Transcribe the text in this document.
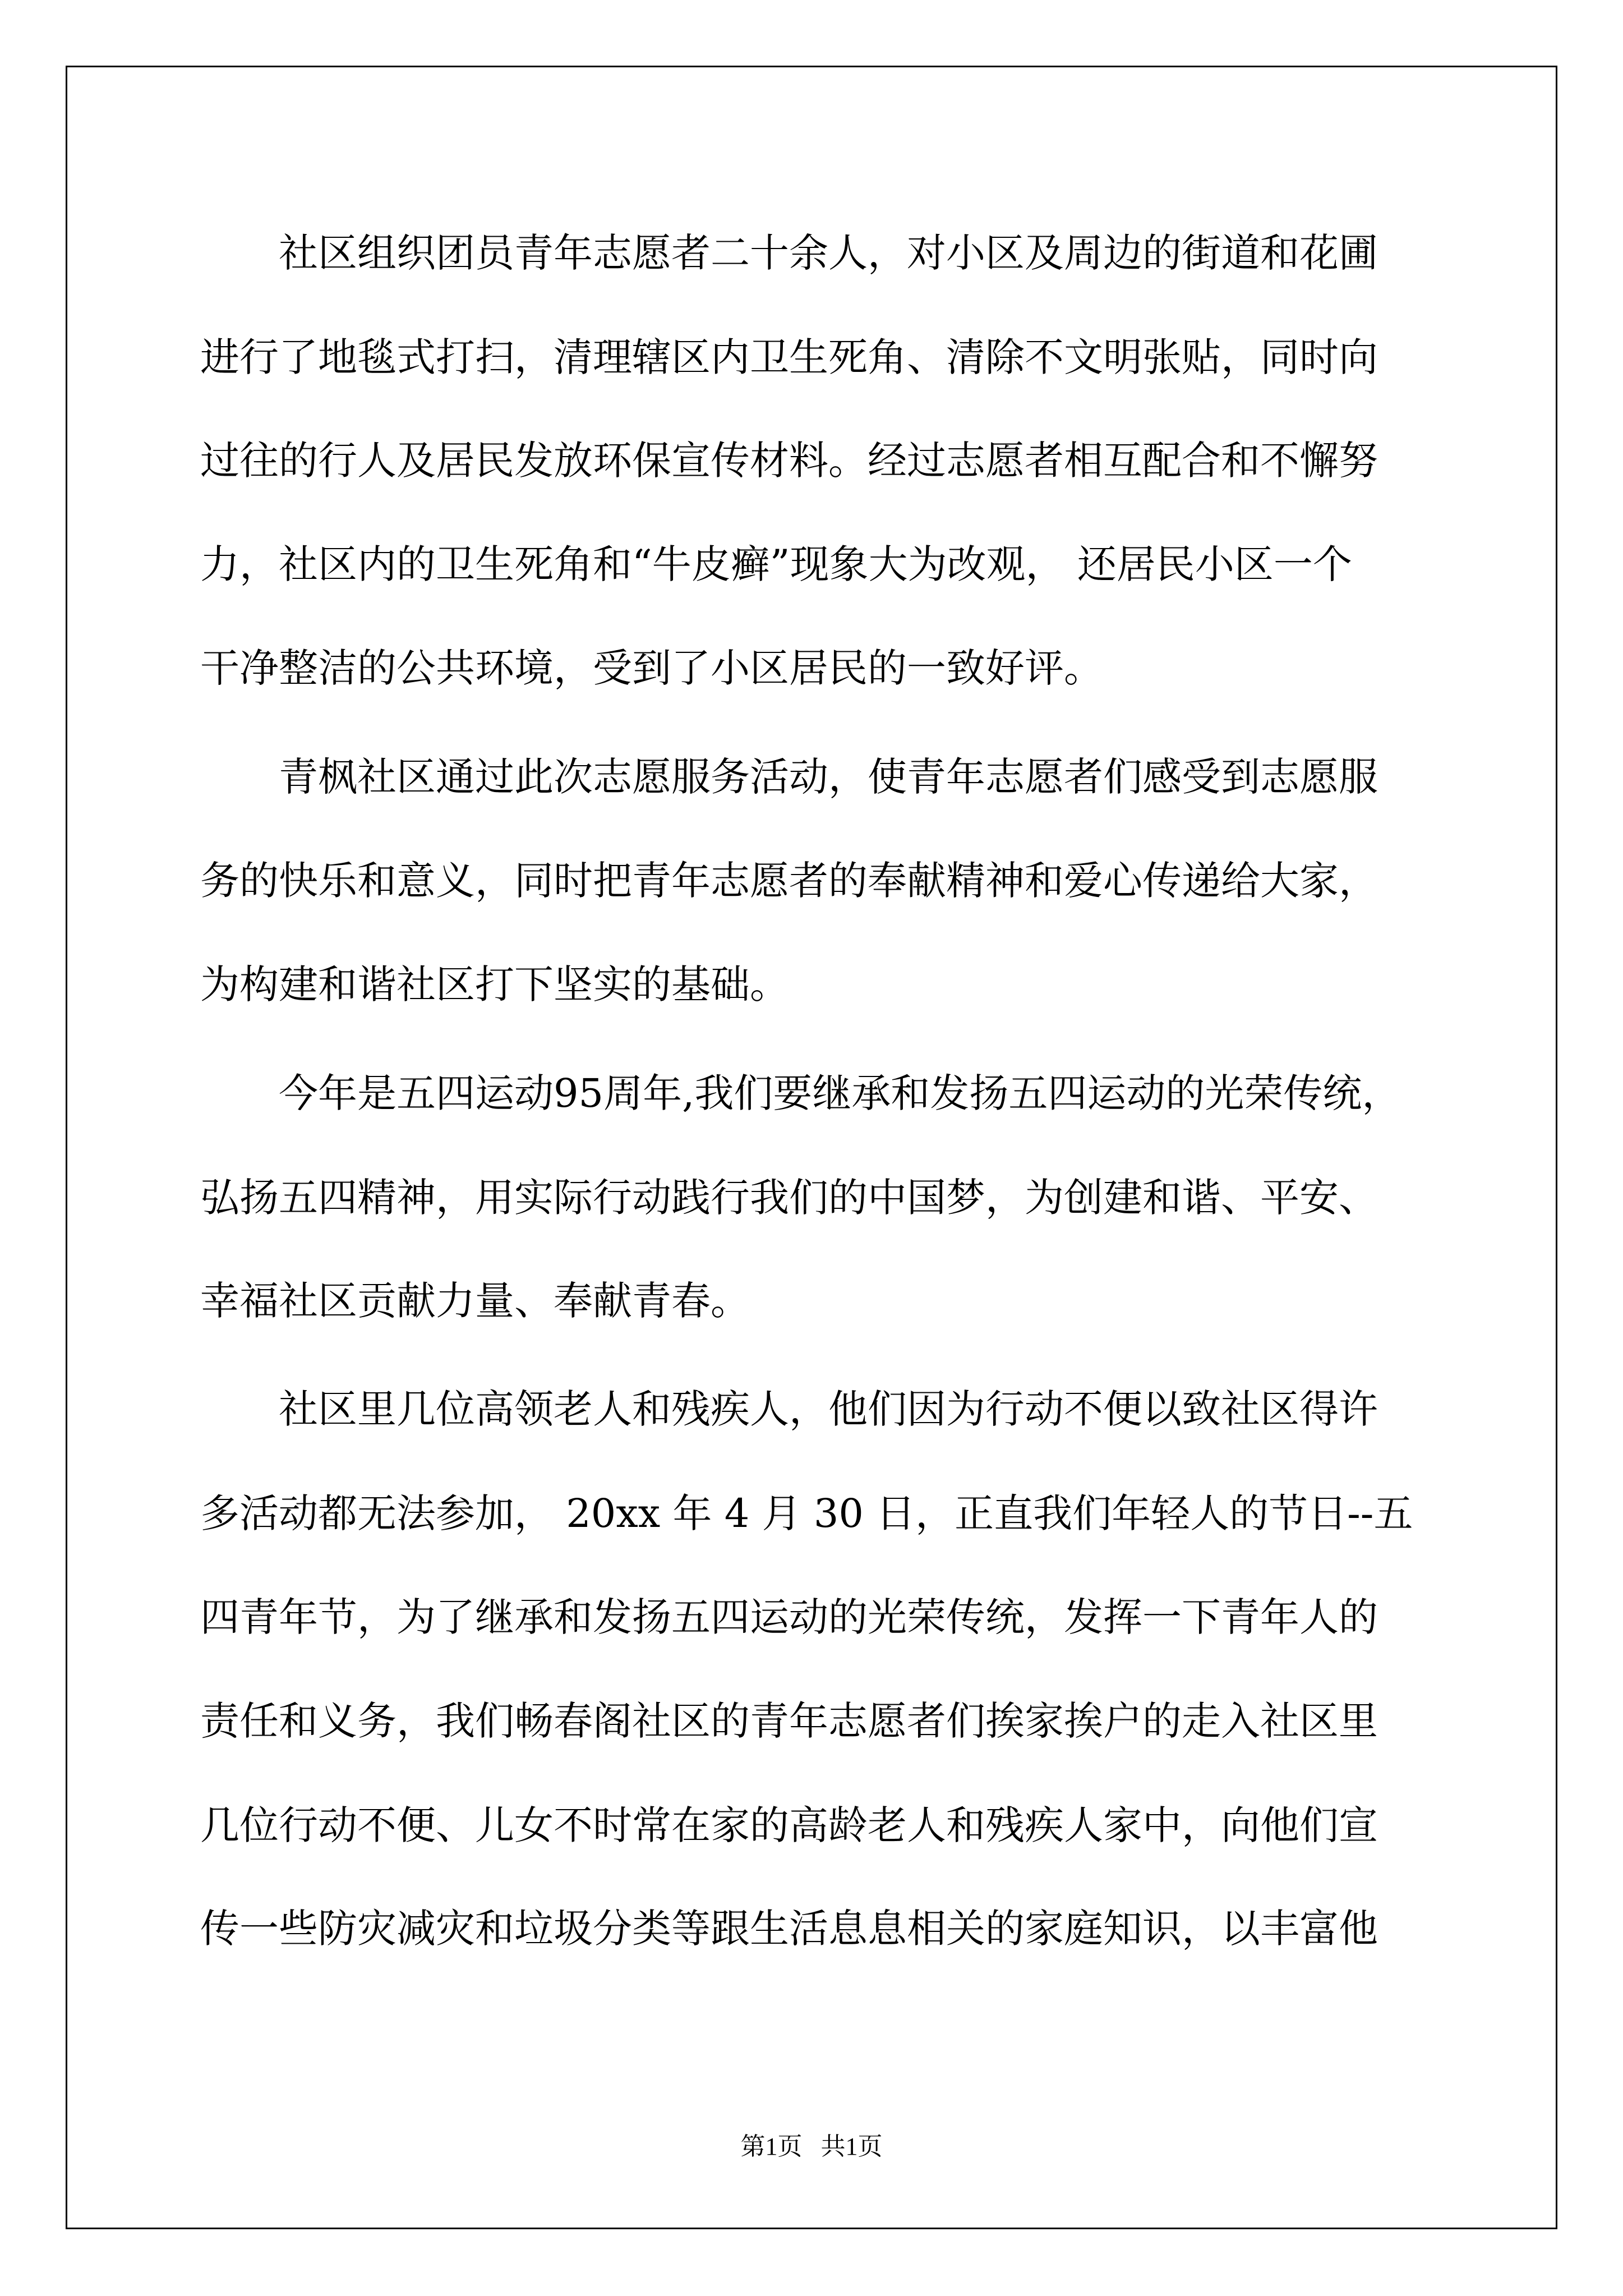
　　社区组织团员青年志愿者二十余人，对小区及周边的街道和花圃

进行了地毯式打扫，清理辖区内卫生死角、清除不文明张贴，同时向

过往的行人及居民发放环保宣传材料。经过志愿者相互配合和不懈努

力，社区内的卫生死角和“牛皮癣”现象大为改观， 还居民小区一个

干净整洁的公共环境，受到了小区居民的一致好评。

　　青枫社区通过此次志愿服务活动，使青年志愿者们感受到志愿服

务的快乐和意义，同时把青年志愿者的奉献精神和爱心传递给大家，

为构建和谐社区打下坚实的基础。

　　今年是五四运动95周年,我们要继承和发扬五四运动的光荣传统，

弘扬五四精神，用实际行动践行我们的中国梦，为创建和谐、平安、

幸福社区贡献力量、奉献青春。

　　社区里几位高领老人和残疾人，他们因为行动不便以致社区得许

多活动都无法参加， 20xx 年 4 月 30 日，正直我们年轻人的节日--五

四青年节，为了继承和发扬五四运动的光荣传统，发挥一下青年人的

责任和义务，我们畅春阁社区的青年志愿者们挨家挨户的走入社区里

几位行动不便、儿女不时常在家的高龄老人和残疾人家中，向他们宣

传一些防灾减灾和垃圾分类等跟生活息息相关的家庭知识，以丰富他

第1页   共1页
